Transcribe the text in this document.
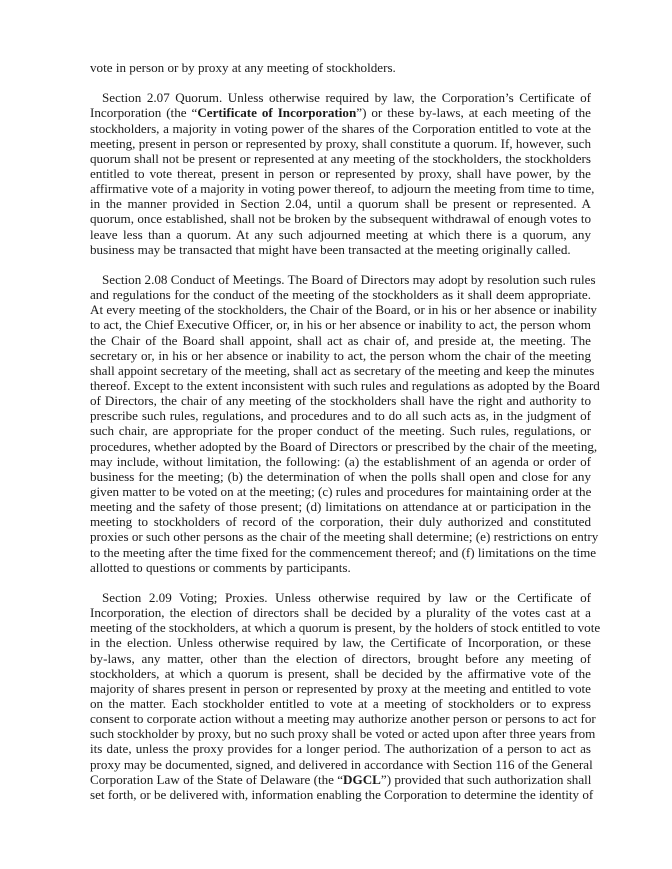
vote in person or by proxy at any meeting of stockholders.
Section 2.07 Quorum. Unless otherwise required by law, the Corporation’s Certificate of
Incorporation (the “Certificate of Incorporation”) or these by-laws, at each meeting of the
stockholders, a majority in voting power of the shares of the Corporation entitled to vote at the
meeting, present in person or represented by proxy, shall constitute a quorum. If, however, such
quorum shall not be present or represented at any meeting of the stockholders, the stockholders
entitled to vote thereat, present in person or represented by proxy, shall have power, by the
affirmative vote of a majority in voting power thereof, to adjourn the meeting from time to time,
in the manner provided in Section 2.04, until a quorum shall be present or represented. A
quorum, once established, shall not be broken by the subsequent withdrawal of enough votes to
leave less than a quorum. At any such adjourned meeting at which there is a quorum, any
business may be transacted that might have been transacted at the meeting originally called.
Section 2.08 Conduct of Meetings. The Board of Directors may adopt by resolution such rules
and regulations for the conduct of the meeting of the stockholders as it shall deem appropriate.
At every meeting of the stockholders, the Chair of the Board, or in his or her absence or inability
to act, the Chief Executive Officer, or, in his or her absence or inability to act, the person whom
the Chair of the Board shall appoint, shall act as chair of, and preside at, the meeting. The
secretary or, in his or her absence or inability to act, the person whom the chair of the meeting
shall appoint secretary of the meeting, shall act as secretary of the meeting and keep the minutes
thereof. Except to the extent inconsistent with such rules and regulations as adopted by the Board
of Directors, the chair of any meeting of the stockholders shall have the right and authority to
prescribe such rules, regulations, and procedures and to do all such acts as, in the judgment of
such chair, are appropriate for the proper conduct of the meeting. Such rules, regulations, or
procedures, whether adopted by the Board of Directors or prescribed by the chair of the meeting,
may include, without limitation, the following: (a) the establishment of an agenda or order of
business for the meeting; (b) the determination of when the polls shall open and close for any
given matter to be voted on at the meeting; (c) rules and procedures for maintaining order at the
meeting and the safety of those present; (d) limitations on attendance at or participation in the
meeting to stockholders of record of the corporation, their duly authorized and constituted
proxies or such other persons as the chair of the meeting shall determine; (e) restrictions on entry
to the meeting after the time fixed for the commencement thereof; and (f) limitations on the time
allotted to questions or comments by participants.
Section 2.09 Voting; Proxies. Unless otherwise required by law or the Certificate of
Incorporation, the election of directors shall be decided by a plurality of the votes cast at a
meeting of the stockholders, at which a quorum is present, by the holders of stock entitled to vote
in the election. Unless otherwise required by law, the Certificate of Incorporation, or these
by-laws, any matter, other than the election of directors, brought before any meeting of
stockholders, at which a quorum is present, shall be decided by the affirmative vote of the
majority of shares present in person or represented by proxy at the meeting and entitled to vote
on the matter. Each stockholder entitled to vote at a meeting of stockholders or to express
consent to corporate action without a meeting may authorize another person or persons to act for
such stockholder by proxy, but no such proxy shall be voted or acted upon after three years from
its date, unless the proxy provides for a longer period. The authorization of a person to act as
proxy may be documented, signed, and delivered in accordance with Section 116 of the General
Corporation Law of the State of Delaware (the “DGCL”) provided that such authorization shall
set forth, or be delivered with, information enabling the Corporation to determine the identity of
